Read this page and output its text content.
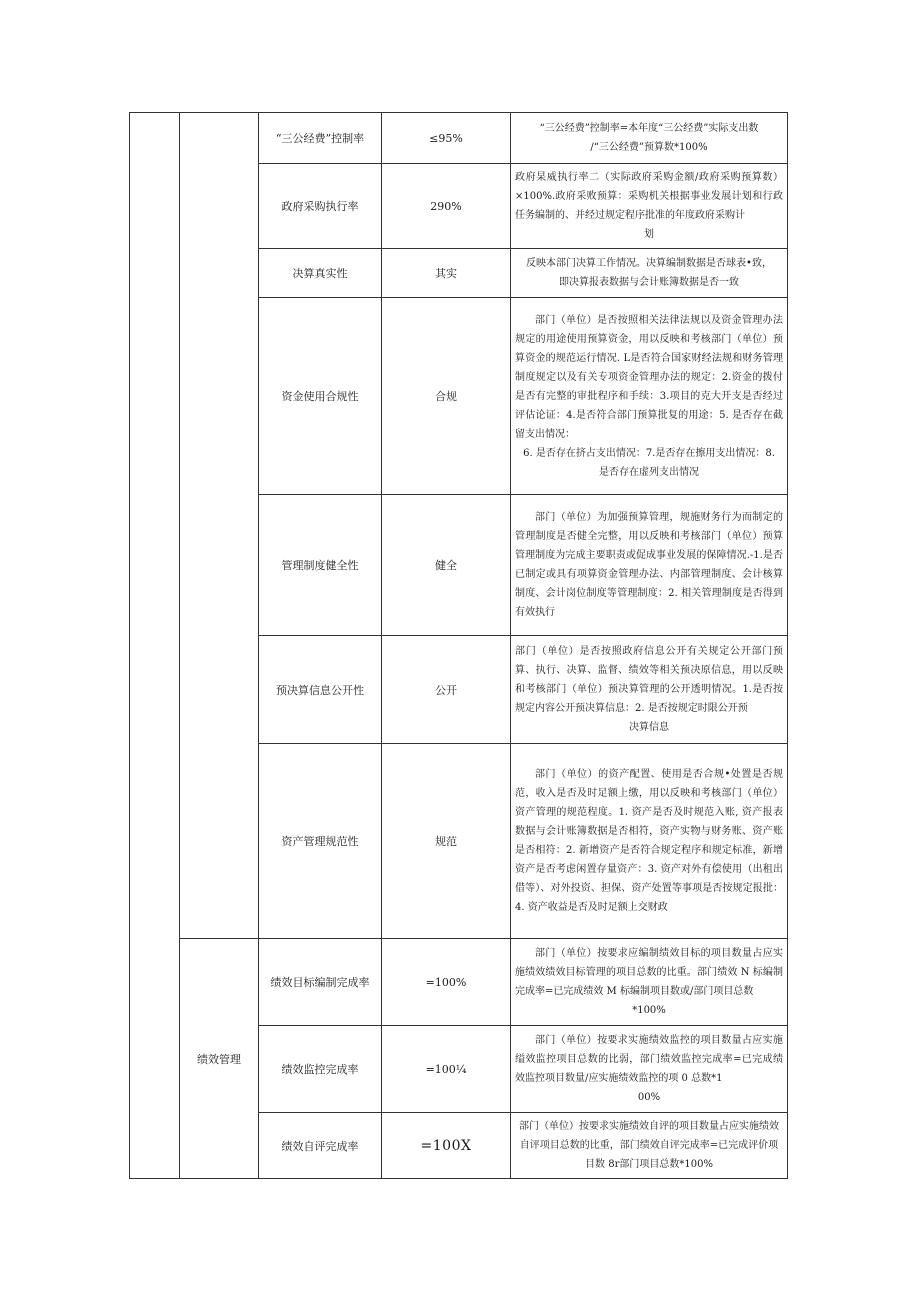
		“三公经费”控制率	≤95%	“三公经费”控制率=本年度“三公经费”实际支出数

/“三公经费”预算数*100%

		政府采购执行率	290%	政府杲威执行率二（实际政府采购金额/政府采购预算数）×100%.政府采败预算：采购机关根据事业发展计划和行政任务编制的、并经过规定程序批准的年度政府采购计

划

		决算真实性	其实	反映本部门决算工作情况。决算编制数据是否球表•致，

即决算报表数据与会计账簿数据是否一致

		资金使用合规性	合规	部门（单位）是否按照相关法律法规以及资金管理办法规定的用途使用预算资金，用以反映和考核部门（单位）预算资金的规范运行情况. L是否符合国家财经法规和财务管理制度规定以及有关专项资金管理办法的规定：2.资金的拨付是否有完整的审批程序和手续：3.项目的克大开支是否经过评估论证：4.是否符合部门预算批复的用途：5. 是否存在截留支出情况：

6. 是否存在挤占支出情况：7.是否存在擦用支出情况：8.

是否存在虚列支出情况

		管理制度健全性	健全	部门（单位）为加强预算管理，规施财务行为而制定的管理制度是否健全完整，用以反映和考核部门（单位）预算管理制度为完成主要职责或促成事业发展的保障情况.-1.是否已制定或具有项算资金管理办法、内部管理制度、会计核算制度、会计岗位制度等管理制度：2. 相关管理制度是否得到有效执行

		预决算信息公开性	公开	部门（单位）是否按照政府信息公开有关规定公开部门预算、执行、决算、监督、绩效等相关预决原信息，用以反映和考核部门（单位）预决算管理的公开透明情况。1.是否按规定内容公开预决算信息：2. 是否按规定时限公开预

决算信息

		资产管理规范性	规范	部门（单位）的资产配置、使用是否合规•处置是否规范，收入是否及时足额上缴，用以反映和考核部门（单位）资产管理的规范程度。1. 资产是否及时规范入账, 资产报表数据与会计账簿数据是否相符，资产实物与财务账、资产账是否相符：2. 新增资产是否符合规定程序和规定标准，新增资产是否考虑闲置存量资产：3. 资产对外有偿使用（出租出借等）、对外投资、担保、资产处置等事项是否按规定报批：4. 资产收益是否及时足额上交财政

	绩效管理	绩效目标编制完成率	=100%	部门（单位）按要求应编制绩效目标的项目数量占应实施绩效绩效目标管理的项目总数的比重。部门绩效 N 标编制完成率=已完成绩效 M 标编制项目数或/部门项目总数

*100%

		绩效监控完成率	=100¼	部门（单位）按要求实施绩效监控的项目数量占应实施缢效监控项目总数的比弱，部门绩效监控完成率=已完成绩效监控项目数量/应实施绩效监控的项 0 总数*1

00%

		绩效自评完成率	=100X	部门（单位）按要求实施绩效自评的项目数量占应实施绩效自评项目总数的比重，部门绩效自评完成率=已完成评价项目数 8r部门项目总数*100%
